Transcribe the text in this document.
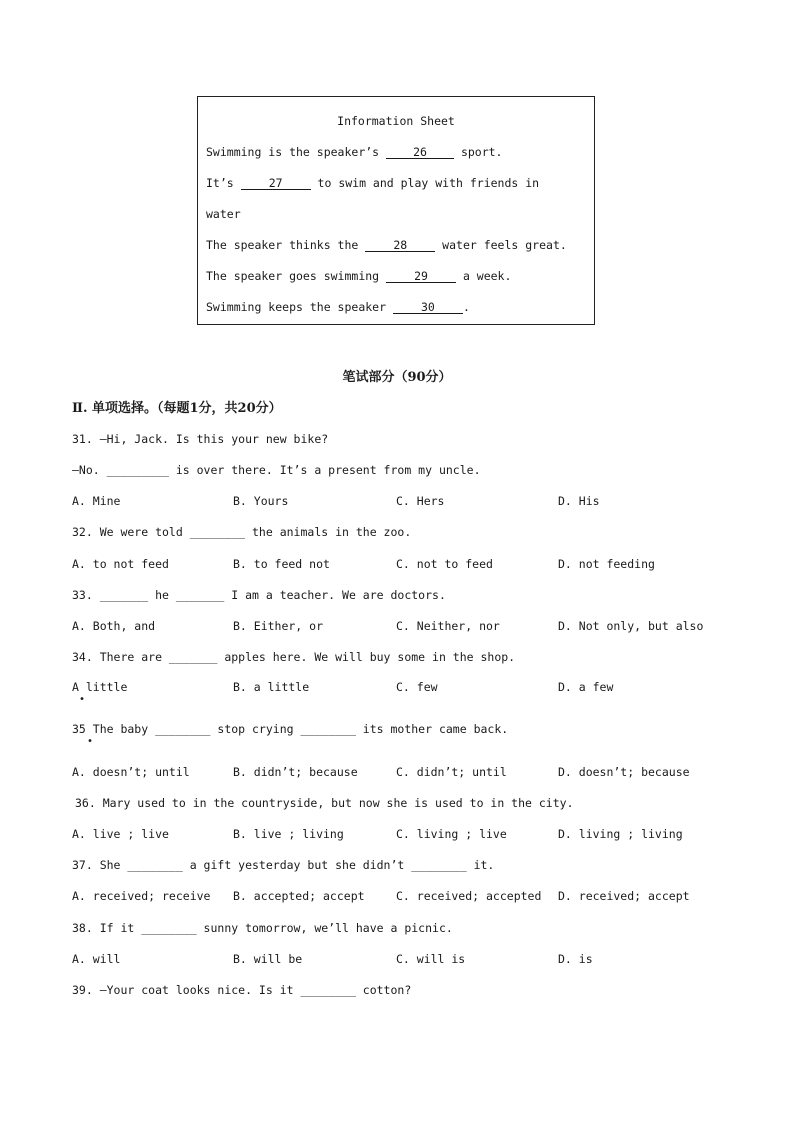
Information Sheet
Swimming is the speaker’s 26 sport.
It’s 27 to swim and play with friends in
water
The speaker thinks the 28 water feels great.
The speaker goes swimming 29 a week.
Swimming keeps the speaker 30 .
笔试部分（90分）
Ⅱ. 单项选择。（每题1分，共20分）
31. —Hi, Jack. Is this your new bike?
—No. _________ is over there. It’s a present from my uncle.
A. Mine	B. Yours	C. Hers	D. His
32. We were told ________ the animals in the zoo.
A. to not feed	B. to feed not	C. not to feed	D. not feeding
33. _______ he _______ I am a teacher. We are doctors.
A. Both, and	B. Either, or	C. Neither, nor	D. Not only, but also
34. There are _______ apples here. We will buy some in the shop.
A little
•
B. a little	C. few	D. a few
35 The baby ________ stop crying ________ its mother came back.
•
A. doesn’t; until	B. didn’t; because	C. didn’t; until	D. doesn’t; because
36. Mary used to in the countryside, but now she is used to in the city.
A. live ; live	B. live ; living	C. living ; live	D. living ; living
37. She ________ a gift yesterday but she didn’t ________ it.
A. received; receive B. accepted; accept	C. received; accepted D. received; accept
38. If it ________ sunny tomorrow, we’ll have a picnic.
A. will	B. will be	C. will is	D. is
39. —Your coat looks nice. Is it ________ cotton?
